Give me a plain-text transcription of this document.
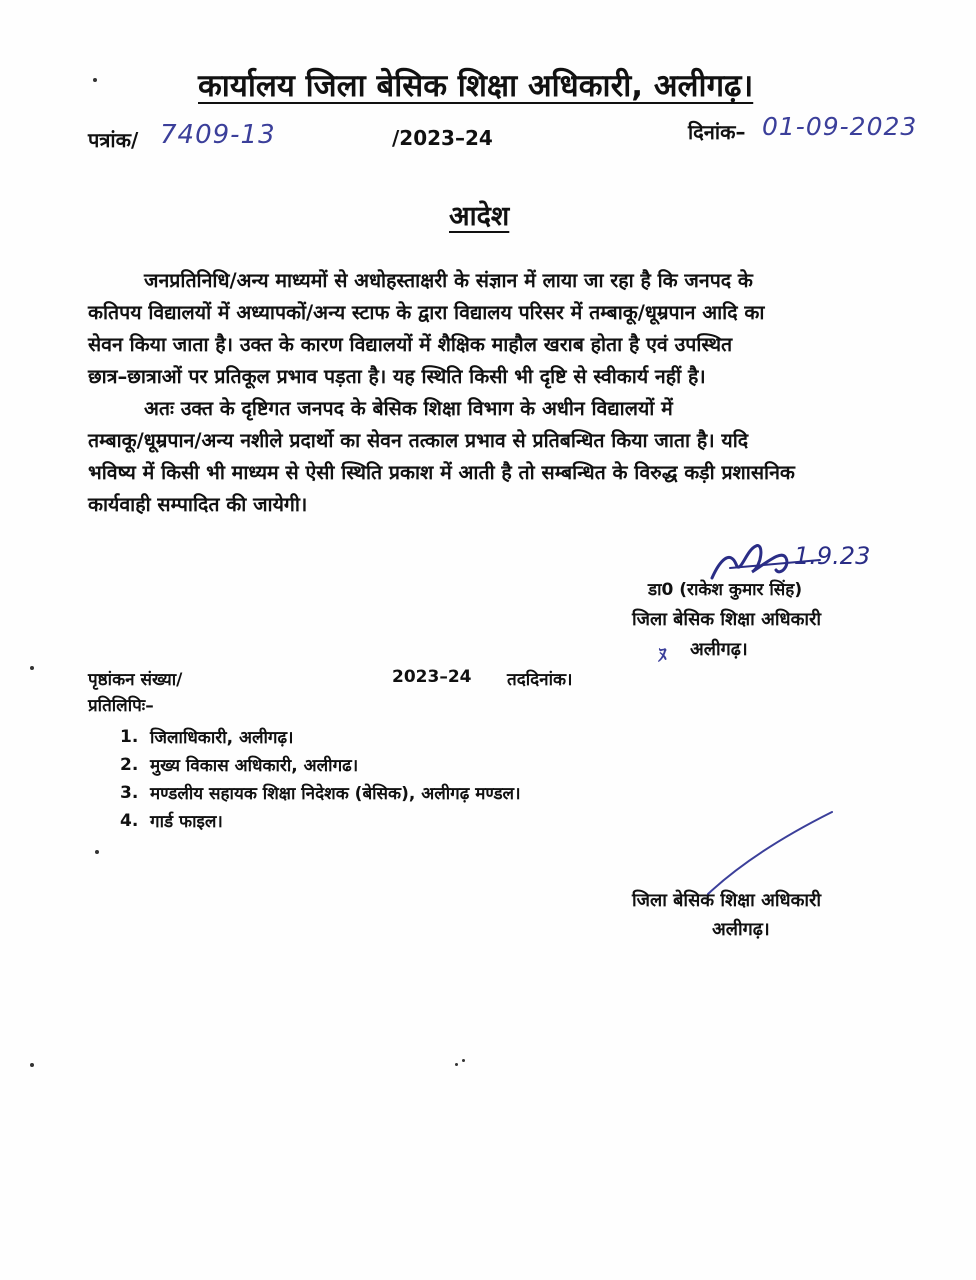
कार्यालय जिला बेसिक शिक्षा अधिकारी, अलीगढ़।
पत्रांक/ 7409-13	/2023–24	दिनांक– 01-09-2023
आदेश
जनप्रतिनिधि/अन्य माध्यमों से अधोहस्ताक्षरी के संज्ञान में लाया जा रहा है कि जनपद के
कतिपय विद्यालयों में अध्यापकों/अन्य स्टाफ के द्वारा विद्यालय परिसर में तम्बाकू/धूम्रपान आदि का
सेवन किया जाता है। उक्त के कारण विद्यालयों में शैक्षिक माहौल खराब होता है एवं उपस्थित
छात्र–छात्राओं पर प्रतिकूल प्रभाव पड़ता है। यह स्थिति किसी भी दृष्टि से स्वीकार्य नहीं है।
अतः उक्त के दृष्टिगत जनपद के बेसिक शिक्षा विभाग के अधीन विद्यालयों में
तम्बाकू/धूम्रपान/अन्य नशीले प्रदार्थो का सेवन तत्काल प्रभाव से प्रतिबन्धित किया जाता है। यदि
भविष्य में किसी भी माध्यम से ऐसी स्थिति प्रकाश में आती है तो सम्बन्धित के विरुद्ध कड़ी प्रशासनिक
कार्यवाही सम्पादित की जायेगी।
1.9.23
डा0 (राकेश कुमार सिंह)
जिला बेसिक शिक्षा अधिकारी
ﾇ	अलीगढ़।
पृष्ठांकन संख्या/	2023–24 तददिनांक।
प्रतिलिपिः–
1. जिलाधिकारी, अलीगढ़।
2. मुख्य विकास अधिकारी, अलीगढ।
3. मण्डलीय सहायक शिक्षा निदेशक (बेसिक), अलीगढ़ मण्डल।
4. गार्ड फाइल।
जिला बेसिक शिक्षा अधिकारी
अलीगढ़।
